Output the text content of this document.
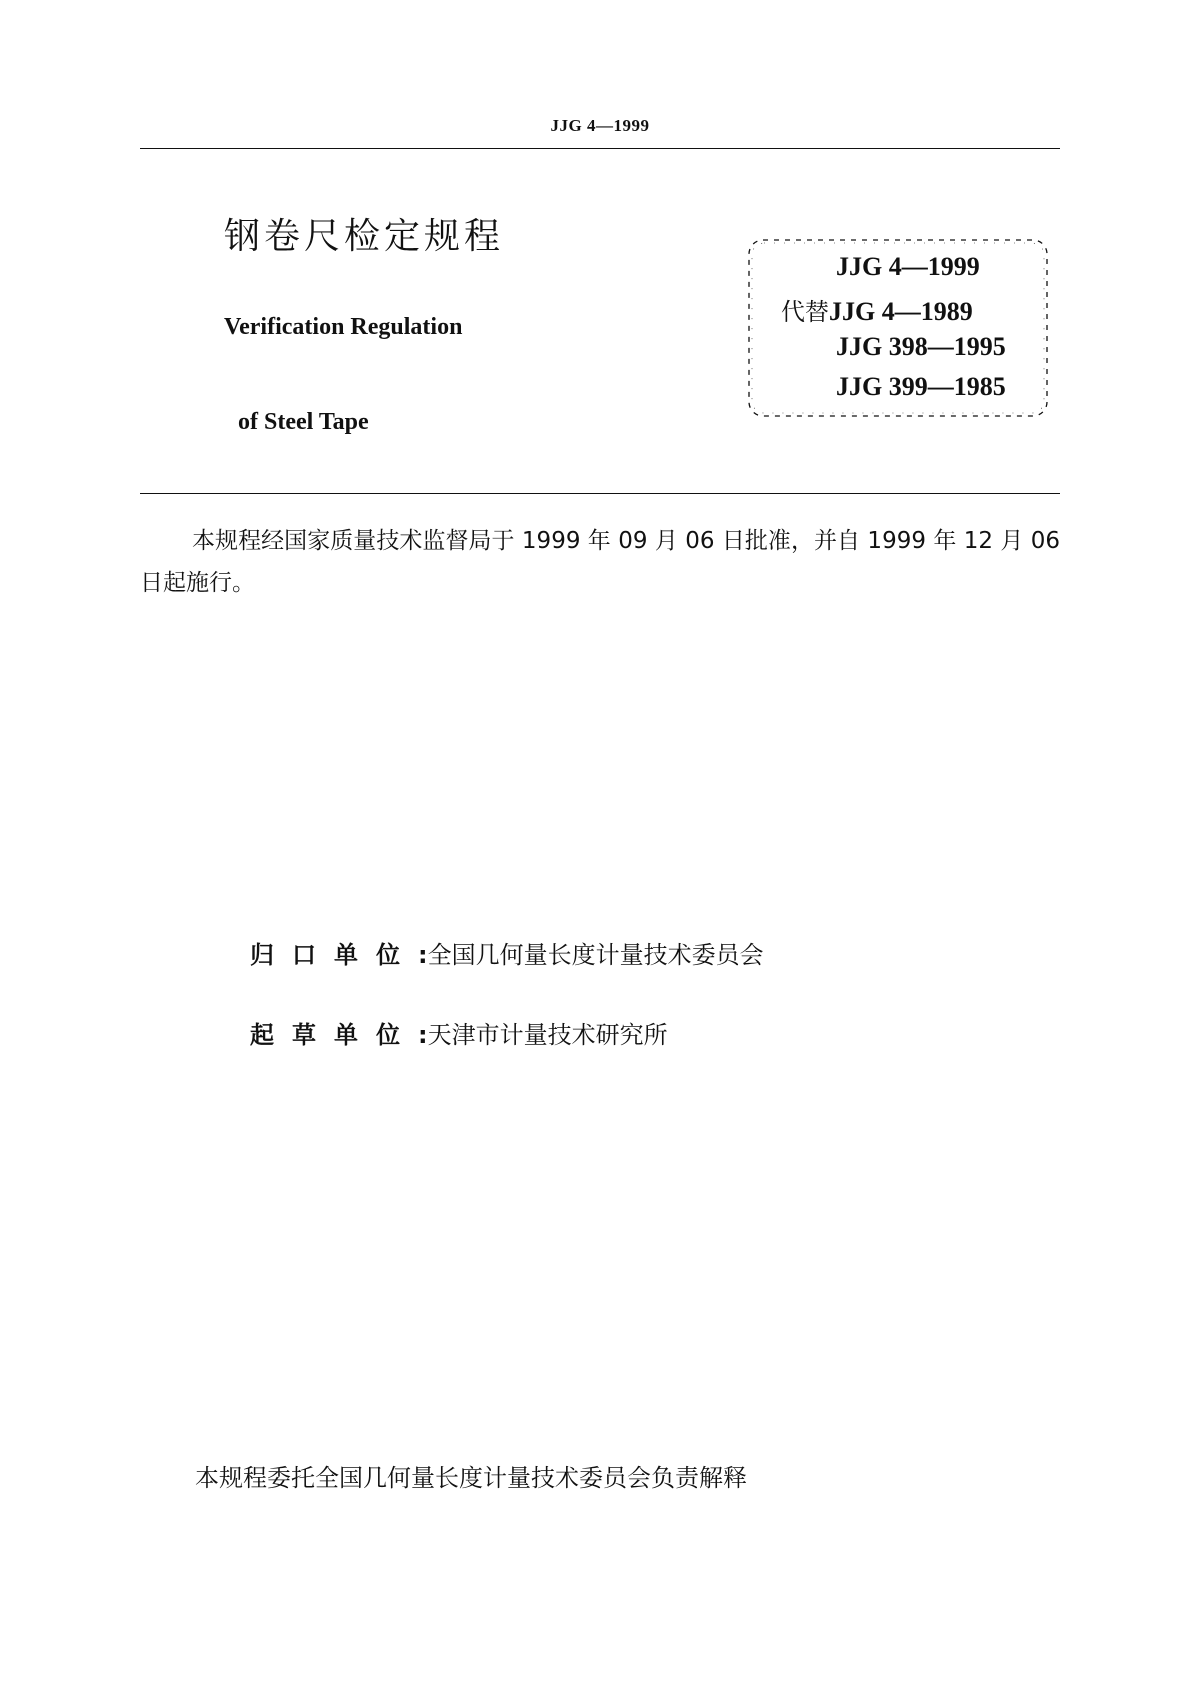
JJG 4—1999
钢卷尺检定规程
Verification Regulation
of Steel Tape
JJG 4—1999
代替JJG 4—1989
JJG 398—1995
JJG 399—1985

本规程经国家质量技术监督局于 1999 年 09 月 06 日批准，并自 1999 年 12 月 06 日起施行。

归口单位:全国几何量长度计量技术委员会
起草单位:天津市计量技术研究所
本规程委托全国几何量长度计量技术委员会负责解释
